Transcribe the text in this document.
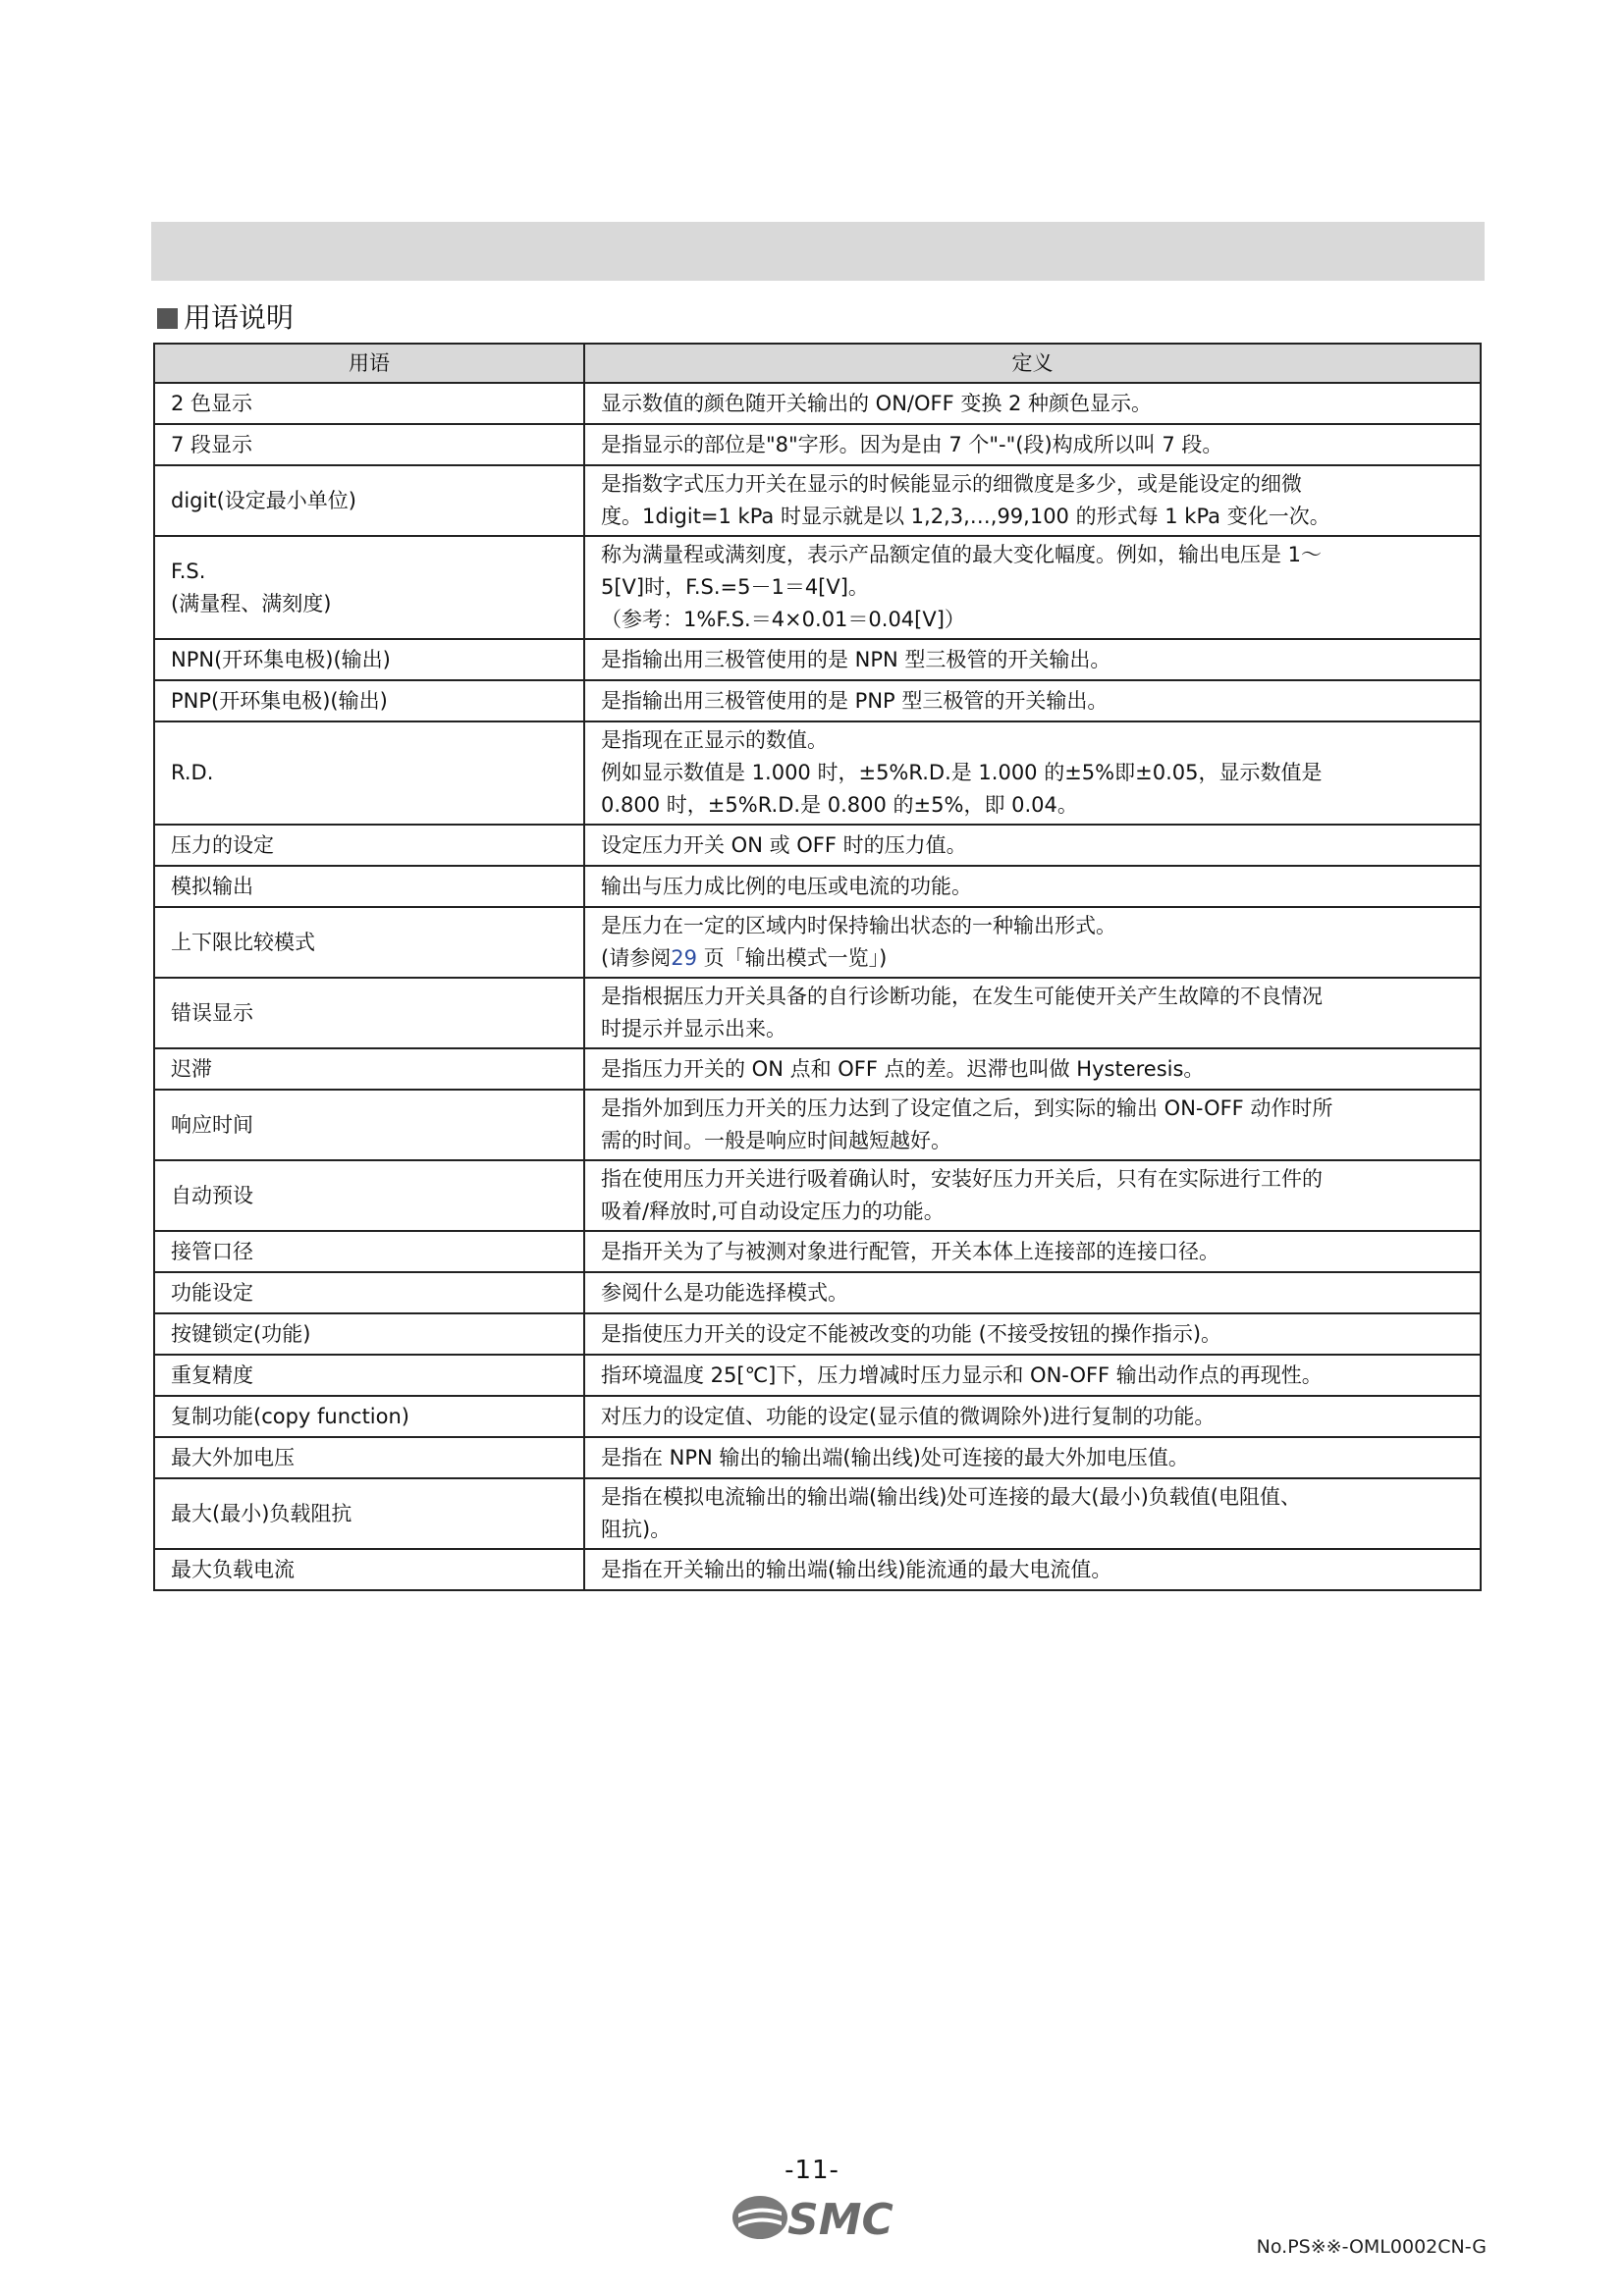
用语说明
用语	定义

2 色显示	显示数值的颜色随开关输出的 ON/OFF 变换 2 种颜色显示。

7 段显示	是指显示的部位是"8"字形。因为是由 7 个"-"(段)构成所以叫 7 段。

digit(设定最小单位)	是指数字式压力开关在显示的时候能显示的细微度是多少，或是能设定的细微
度。1digit=1 kPa 时显示就是以 1,2,3,…,99,100 的形式每 1 kPa 变化一次。

F.S.
(满量程、满刻度)	称为满量程或满刻度，表示产品额定值的最大变化幅度。例如，输出电压是 1～
5[V]时，F.S.=5－1＝4[V]。
（参考：1%F.S.＝4×0.01＝0.04[V]）

NPN(开环集电极)(输出)	是指输出用三极管使用的是 NPN 型三极管的开关输出。

PNP(开环集电极)(输出)	是指输出用三极管使用的是 PNP 型三极管的开关输出。

R.D.	是指现在正显示的数值。
例如显示数值是 1.000 时，±5%R.D.是 1.000 的±5%即±0.05，显示数值是
0.800 时，±5%R.D.是 0.800 的±5%，即 0.04。

压力的设定	设定压力开关 ON 或 OFF 时的压力值。

模拟输出	输出与压力成比例的电压或电流的功能。

上下限比较模式	是压力在一定的区域内时保持输出状态的一种输出形式。
(请参阅29 页「输出模式一览」)

错误显示	是指根据压力开关具备的自行诊断功能，在发生可能使开关产生故障的不良情况
时提示并显示出来。

迟滞	是指压力开关的 ON 点和 OFF 点的差。迟滞也叫做 Hysteresis。

响应时间	是指外加到压力开关的压力达到了设定值之后，到实际的输出 ON-OFF 动作时所
需的时间。一般是响应时间越短越好。

自动预设	指在使用压力开关进行吸着确认时，安装好压力开关后，只有在实际进行工件的
吸着/释放时,可自动设定压力的功能。

接管口径	是指开关为了与被测对象进行配管，开关本体上连接部的连接口径。

功能设定	参阅什么是功能选择模式。

按键锁定(功能)	是指使压力开关的设定不能被改变的功能 (不接受按钮的操作指示)。

重复精度	指环境温度 25[℃]下，压力增减时压力显示和 ON-OFF 输出动作点的再现性。

复制功能(copy function)	对压力的设定值、功能的设定(显示值的微调除外)进行复制的功能。

最大外加电压	是指在 NPN 输出的输出端(输出线)处可连接的最大外加电压值。

最大(最小)负载阻抗	是指在模拟电流输出的输出端(输出线)处可连接的最大(最小)负载值(电阻值、
阻抗)。

最大负载电流	是指在开关输出的输出端(输出线)能流通的最大电流值。
-11-
SMC
No.PS※※-OML0002CN-G
